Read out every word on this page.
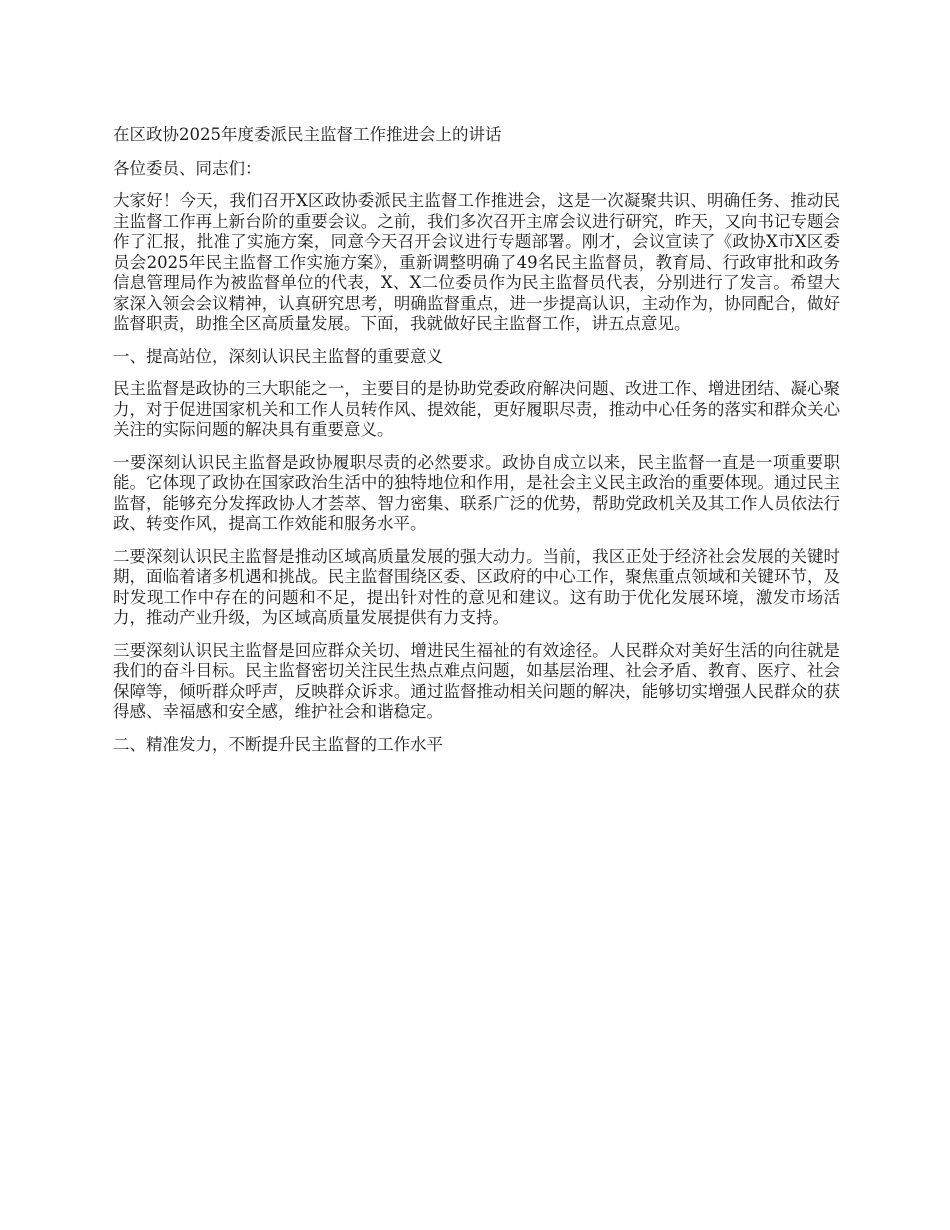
在区政协2025年度委派民主监督工作推进会上的讲话

各位委员、同志们：

大家好！今天，我们召开X区政协委派民主监督工作推进会，这是一次凝聚共识、明确任务、推动民主监督工作再上新台阶的重要会议。之前，我们多次召开主席会议进行研究，昨天，又向书记专题会作了汇报，批准了实施方案，同意今天召开会议进行专题部署。刚才，会议宣读了《政协X市X区委员会2025年民主监督工作实施方案》，重新调整明确了49名民主监督员，教育局、行政审批和政务信息管理局作为被监督单位的代表，X、X二位委员作为民主监督员代表，分别进行了发言。希望大家深入领会会议精神，认真研究思考，明确监督重点，进一步提高认识，主动作为，协同配合，做好监督职责，助推全区高质量发展。下面，我就做好民主监督工作，讲五点意见。

一、提高站位，深刻认识民主监督的重要意义

民主监督是政协的三大职能之一，主要目的是协助党委政府解决问题、改进工作、增进团结、凝心聚力，对于促进国家机关和工作人员转作风、提效能，更好履职尽责，推动中心任务的落实和群众关心关注的实际问题的解决具有重要意义。

一要深刻认识民主监督是政协履职尽责的必然要求。政协自成立以来，民主监督一直是一项重要职能。它体现了政协在国家政治生活中的独特地位和作用，是社会主义民主政治的重要体现。通过民主监督，能够充分发挥政协人才荟萃、智力密集、联系广泛的优势，帮助党政机关及其工作人员依法行政、转变作风，提高工作效能和服务水平。

二要深刻认识民主监督是推动区域高质量发展的强大动力。当前，我区正处于经济社会发展的关键时期，面临着诸多机遇和挑战。民主监督围绕区委、区政府的中心工作，聚焦重点领域和关键环节，及时发现工作中存在的问题和不足，提出针对性的意见和建议。这有助于优化发展环境，激发市场活力，推动产业升级，为区域高质量发展提供有力支持。

三要深刻认识民主监督是回应群众关切、增进民生福祉的有效途径。人民群众对美好生活的向往就是我们的奋斗目标。民主监督密切关注民生热点难点问题，如基层治理、社会矛盾、教育、医疗、社会保障等，倾听群众呼声，反映群众诉求。通过监督推动相关问题的解决，能够切实增强人民群众的获得感、幸福感和安全感，维护社会和谐稳定。

二、精准发力，不断提升民主监督的工作水平
